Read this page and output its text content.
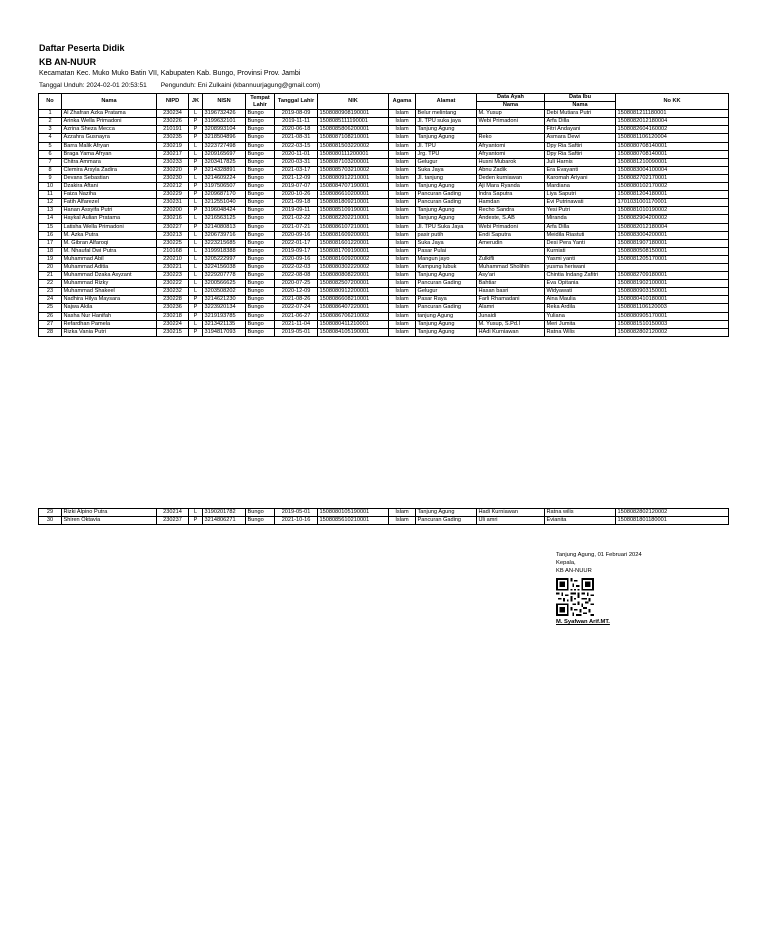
Daftar Peserta Didik
KB AN-NUUR
Kecamatan Kec. Muko Muko Batin VII, Kabupaten Kab. Bungo, Provinsi Prov. Jambi
Tanggal Unduh: 2024-02-01 20:53:51 Pengunduh: Eni Zulkaini (kbannuurjagung@gmail.com)
No	Nama	NIPD	JK	NISN	Tempat Lahir	Tanggal Lahir	NIK	Agama	Alamat	Data Ayah	Data Ibu	No KK
										Nama	Nama	
1	Al Zhafran Azka Pratama	230234	L	3196732426	Bungo	2019-08-09	1508080908190001	Islam	Belur melintang	M. Yusup	Debi Mutiara Putri	1508081211180001
2	Arinka Wella Primadoni	230226	P	3199632101	Bungo	2019-11-11	1508085111190001	Islam	Jl. TPU suka jaya	Webi Primadoni	Arfa Dilla	1508082012180004
3	Azrina Sheza Mecca	210191	P	3208993104	Bungo	2020-06-18	1508085806200001	Islam	Tanjung Agung		Fitri Andayani	1508082604160002
4	Azzahra Gusnayra	230235	P	3218504896	Bungo	2021-08-31	1508087108210001	Islam	Tanjung Agung	Reko	Asmara Dewi	1508081106120004
5	Barra Malik Afryan	230219	L	3223727498	Bungo	2022-03-15	1508081503220002	Islam	Jl. TPU	Afryantomi	Dpy Ria Saftiri	1508080708140001
6	Braga Yama Afryan	230217	L	3209165697	Bungo	2020-11-01	1508080111200001	Islam	Jrg. TPU	Afryantomi	Dpy Ria Saftiri	1508080708140001
7	Chitra Ammara	230233	P	3203417825	Bungo	2020-03-31	1508087103200001	Islam	Gelugur	Husni Mubarok	Juli Harnis	1508081210090001
8	Clemira Arsyla Zadira	230220	P	3214328891	Bungo	2021-03-17	1508085703210002	Islam	Suka Jaya	Abnu Zadik	Era Evayanti	1508083004100004
9	Devans Sebastian	230230	L	3214609224	Bungo	2021-12-09	1508080912210001	Islam	Jl. tanjung	Deden kurniawan	Karomah Ariyani	1508082702170001
10	Dzakira Aftani	220212	P	3197506507	Bungo	2019-07-07	1508084707190001	Islam	Tanjung Agung	Aji Mara Ryanda	Mardiana	1508080102170002
11	Faiza Naziha	230229	P	3209687170	Bungo	2020-10-26	1508086610200001	Islam	Pancuran Gading	Indra Saputra	Liya Saputri	1508081204180001
12	Fatih Alfarezel	230231	L	3212551040	Bungo	2021-09-18	1508081809210001	Islam	Pancuran Gading	Hamdan	Evi Putrinawati	1701031001170001
13	Hanan Assyifa Putri	220200	P	3196048424	Bungo	2019-09-11	1508085109190001	Islam	Tanjung Agung	Recho Sandra	Yesi Putri	1508081010190002
14	Haykal Aulian Pratama	230216	L	3216563125	Bungo	2021-02-22	1508082202210001	Islam	Tanjung Agung	Andeste, S.AB	Miranda	1508082904200002
15	Latisha Wella Primadoni	230227	P	3214080813	Bungo	2021-07-21	1508086107210001	Islam	Jl. TPU Suka Jaya	Webi Primadoni	Arfa Dilla	1508082012180004
16	M. Azka Putra	230213	L	3206739716	Bungo	2020-09-16	1508081609200001	Islam	pasir putih	Endi Saputra	Meidila Riastuti	1508083004200001
17	M. Gibran Alfaroqi	230225	L	3223215685	Bungo	2022-01-17	1508081601220001	Islam	Suka Jaya	Amerudin	Desi Pera Yanti	1508081907180001
18	M. Nhaufal Dwi Putra	210168	L	3199918388	Bungo	2019-09-17	1508081709190001	Islam	Pasar Pulai		Kurniati	1508080508150001
19	Muhammad Abil	220210	L	3205222997	Bungo	2020-09-16	1508081609200002	Islam	Mangun jayo	Zulkifli	Yasmi yanti	1508081205170001
20	Muhammad Aditia	230221	L	3224156038	Bungo	2022-02-03	1508080302220002	Islam	Kampung lubuk	Muhammad Sholihin	yusma heriwani	
21	Muhammad Dzaka Asyzant	230223	L	3229207778	Bungo	2022-08-08	1508080808220001	Islam	Tanjung Agung	Asy'ari	Chintia Indang Zafitri	1508082709180001
22	Muhammad Rizky	230222	L	3200566625	Bungo	2020-07-25	1508082507200001	Islam	Pancuran Gading	Bahtiar	Eva Opitania	1508081902100001
23	Muhammad Shakeel	230232	L	3203508202	Bungo	2020-12-09	1508080912200001	Islam	Gelugur	Hasan basri	Widyawati	1508080903150001
24	Nadhira Hilya Maysara	230228	P	3214621230	Bungo	2021-08-26	1508086608210001	Islam	Pasar Raya	Farli Rhamadani	Aina Maulia	1508080410180001
25	Najwa Akila	230236	P	3223920134	Bungo	2022-07-24	1508086407220001	Islam	Pancuran Gading	Alamri	Reka Ardila	1508081106120003
26	Nasha Nur Hanifah	230218	P	3219193785	Bungo	2021-06-27	1508086706210002	Islam	tanjung Agung	Junaidi	Yuliana	1508080905170001
27	Refardhan Pamela	230224	L	3213421135	Bungo	2021-11-04	1508080411210001	Islam	Tanjung Agung	M. Yusup, S.Pd.I	Meri Jumita	1508081510150003
28	Rizka Vania Putri	230215	P	3194817093	Bungo	2019-05-01	1508084105190001	Islam	Tanjung Agung	HAdi Kurniawan	Ratna Wilis	1508082802120002
29	Rizki Alpino Putra	230214	L	3190201782	Bungo	2019-05-01	1508080105190001	Islam	Tanjung Agung	Hadi Kurniawan	Ratna wilis	1508082802120002
30	Shiren Oktavia	230237	P	3214806271	Bungo	2021-10-16	1508085610210001	Islam	Pancuran Gading	Uli amri	Evianita	1508081801180001
Tanjung Agung, 01 Februari 2024
Kepala,
KB AN-NUUR
M. Syafwan Arif.MT.
